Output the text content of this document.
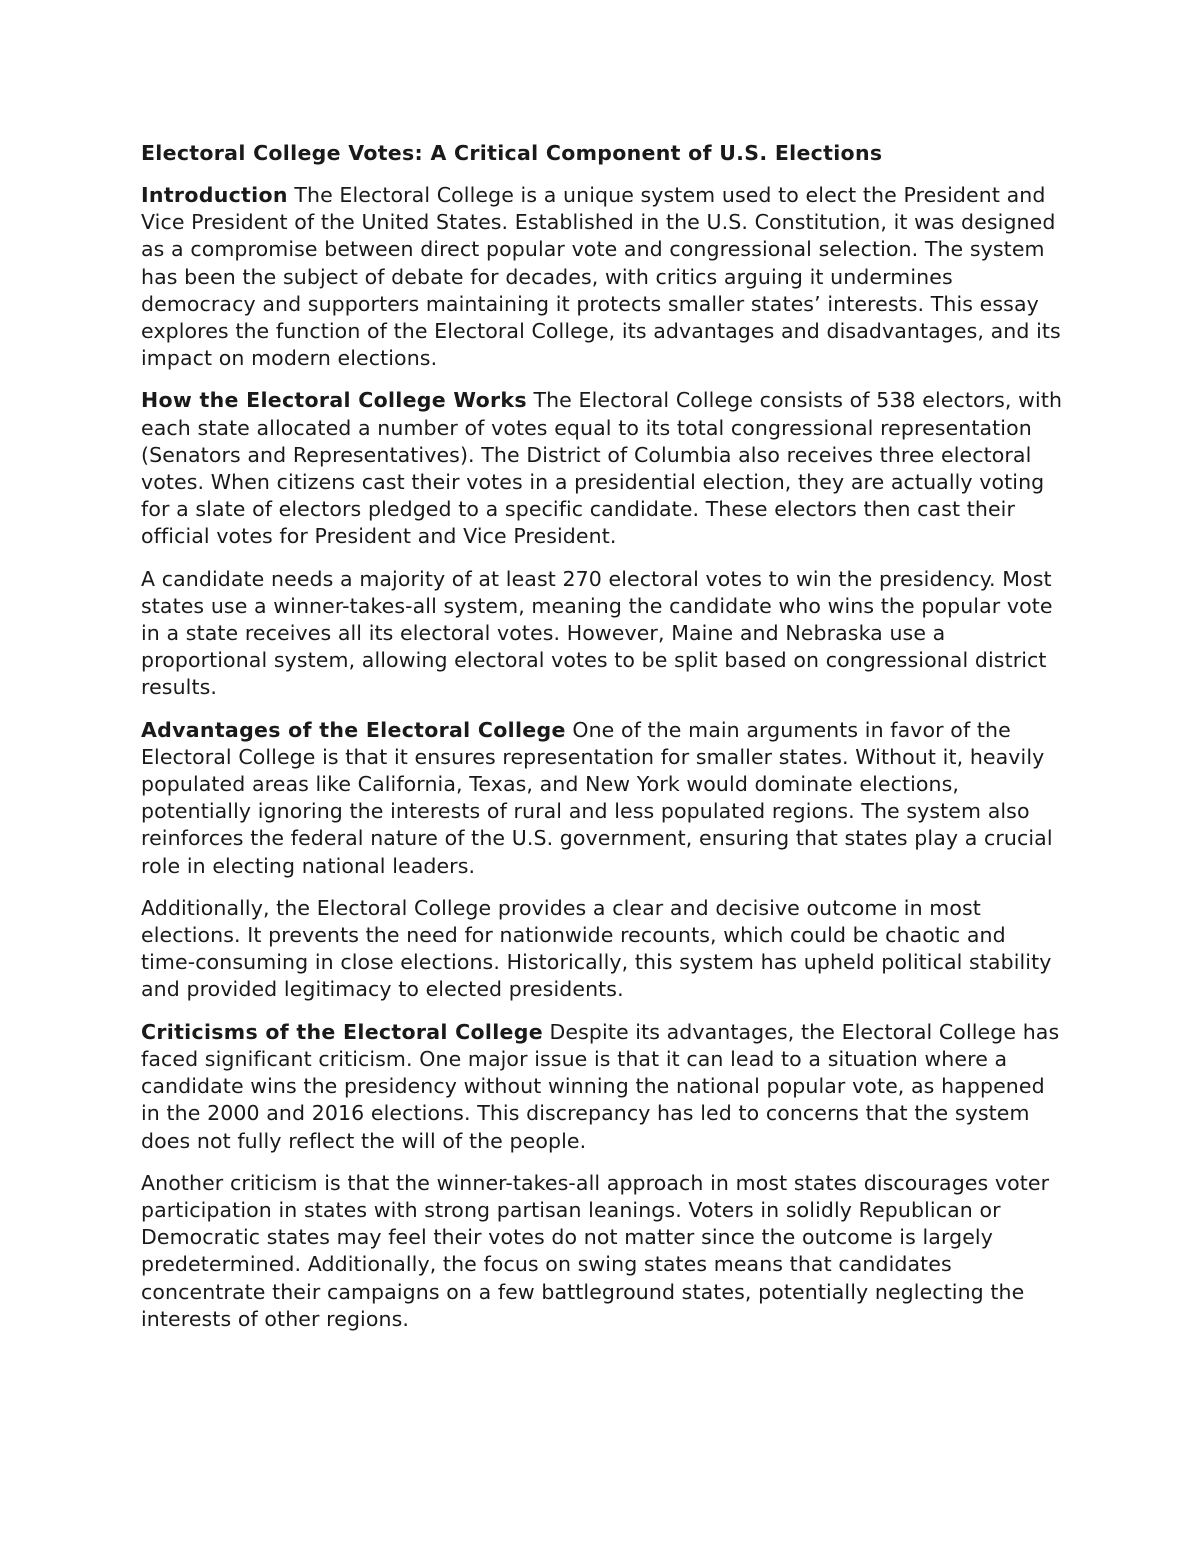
Electoral College Votes: A Critical Component of U.S. Elections

Introduction The Electoral College is a unique system used to elect the President and Vice President of the United States. Established in the U.S. Constitution, it was designed as a compromise between direct popular vote and congressional selection. The system has been the subject of debate for decades, with critics arguing it undermines democracy and supporters maintaining it protects smaller states’ interests. This essay explores the function of the Electoral College, its advantages and disadvantages, and its impact on modern elections.

How the Electoral College Works The Electoral College consists of 538 electors, with each state allocated a number of votes equal to its total congressional representation (Senators and Representatives). The District of Columbia also receives three electoral votes. When citizens cast their votes in a presidential election, they are actually voting for a slate of electors pledged to a specific candidate. These electors then cast their official votes for President and Vice President.

A candidate needs a majority of at least 270 electoral votes to win the presidency. Most states use a winner-takes-all system, meaning the candidate who wins the popular vote in a state receives all its electoral votes. However, Maine and Nebraska use a proportional system, allowing electoral votes to be split based on congressional district results.

Advantages of the Electoral College One of the main arguments in favor of the Electoral College is that it ensures representation for smaller states. Without it, heavily populated areas like California, Texas, and New York would dominate elections, potentially ignoring the interests of rural and less populated regions. The system also reinforces the federal nature of the U.S. government, ensuring that states play a crucial role in electing national leaders.

Additionally, the Electoral College provides a clear and decisive outcome in most elections. It prevents the need for nationwide recounts, which could be chaotic and time-consuming in close elections. Historically, this system has upheld political stability and provided legitimacy to elected presidents.

Criticisms of the Electoral College Despite its advantages, the Electoral College has faced significant criticism. One major issue is that it can lead to a situation where a candidate wins the presidency without winning the national popular vote, as happened in the 2000 and 2016 elections. This discrepancy has led to concerns that the system does not fully reflect the will of the people.

Another criticism is that the winner-takes-all approach in most states discourages voter participation in states with strong partisan leanings. Voters in solidly Republican or Democratic states may feel their votes do not matter since the outcome is largely predetermined. Additionally, the focus on swing states means that candidates concentrate their campaigns on a few battleground states, potentially neglecting the interests of other regions.
